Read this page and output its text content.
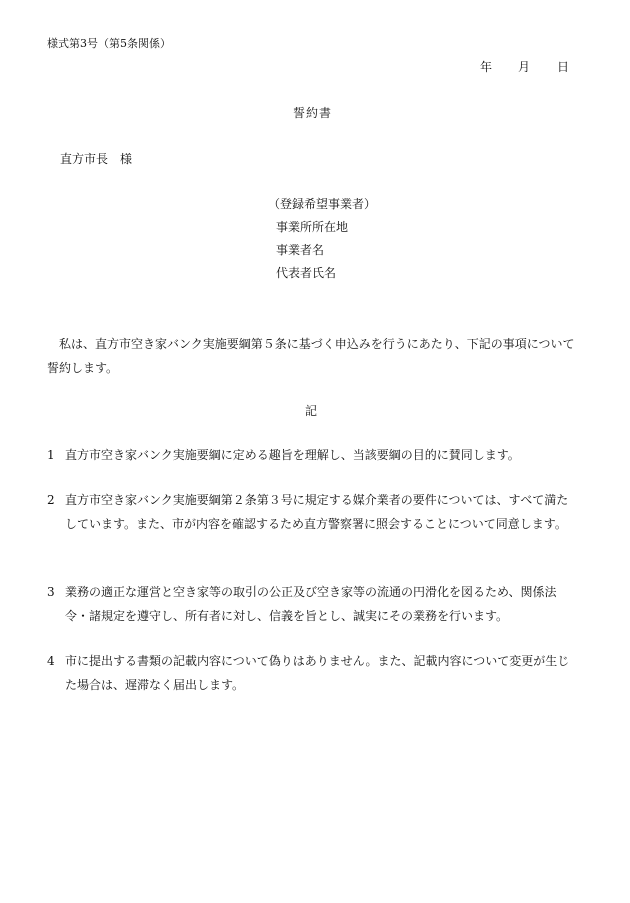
様式第3号（第5条関係）
年 月 日
誓約書
直方市長　様
（登録希望事業者）
事業所所在地
事業者名
代表者氏名
私は、直方市空き家バンク実施要綱第５条に基づく申込みを行うにあたり、下記の事項について誓約します。
記
1 直方市空き家バンク実施要綱に定める趣旨を理解し、当該要綱の目的に賛同します。
2 直方市空き家バンク実施要綱第２条第３号に規定する媒介業者の要件については、すべて満たしています。また、市が内容を確認するため直方警察署に照会することについて同意します。
3 業務の適正な運営と空き家等の取引の公正及び空き家等の流通の円滑化を図るため、関係法令・諸規定を遵守し、所有者に対し、信義を旨とし、誠実にその業務を行います。
4 市に提出する書類の記載内容について偽りはありません。また、記載内容について変更が生じた場合は、遅滞なく届出します。
